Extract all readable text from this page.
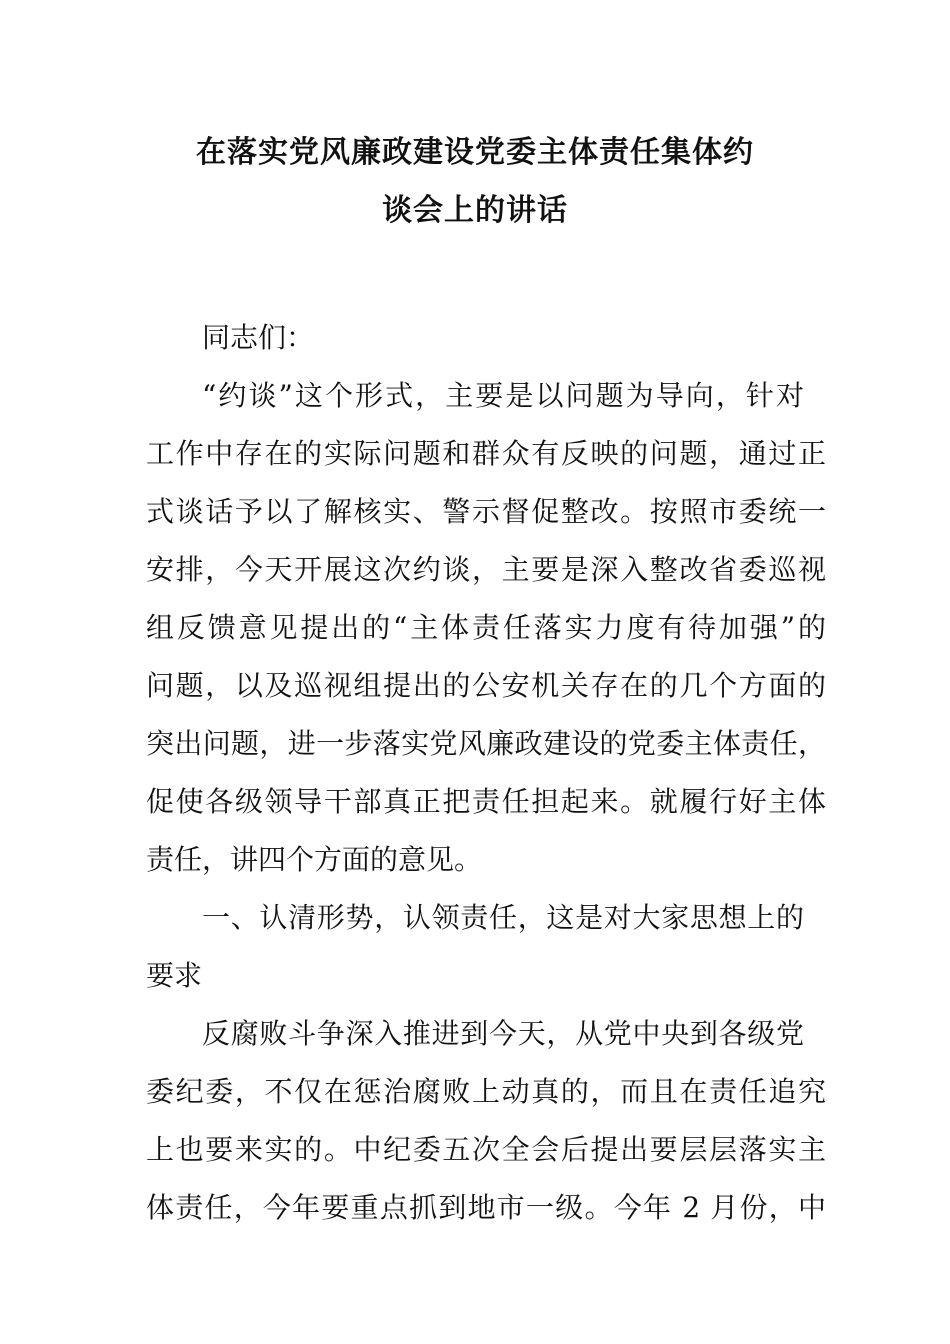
在落实党风廉政建设党委主体责任集体约
谈会上的讲话
同志们：
“约谈”这个形式，主要是以问题为导向，针对
工作中存在的实际问题和群众有反映的问题，通过正
式谈话予以了解核实、警示督促整改。按照市委统一
安排，今天开展这次约谈，主要是深入整改省委巡视
组反馈意见提出的“主体责任落实力度有待加强”的
问题，以及巡视组提出的公安机关存在的几个方面的
突出问题，进一步落实党风廉政建设的党委主体责任，
促使各级领导干部真正把责任担起来。就履行好主体
责任，讲四个方面的意见。
一、认清形势，认领责任，这是对大家思想上的
要求
反腐败斗争深入推进到今天，从党中央到各级党
委纪委，不仅在惩治腐败上动真的，而且在责任追究
上也要来实的。中纪委五次全会后提出要层层落实主
体责任，今年要重点抓到地市一级。今年 2 月份，中
